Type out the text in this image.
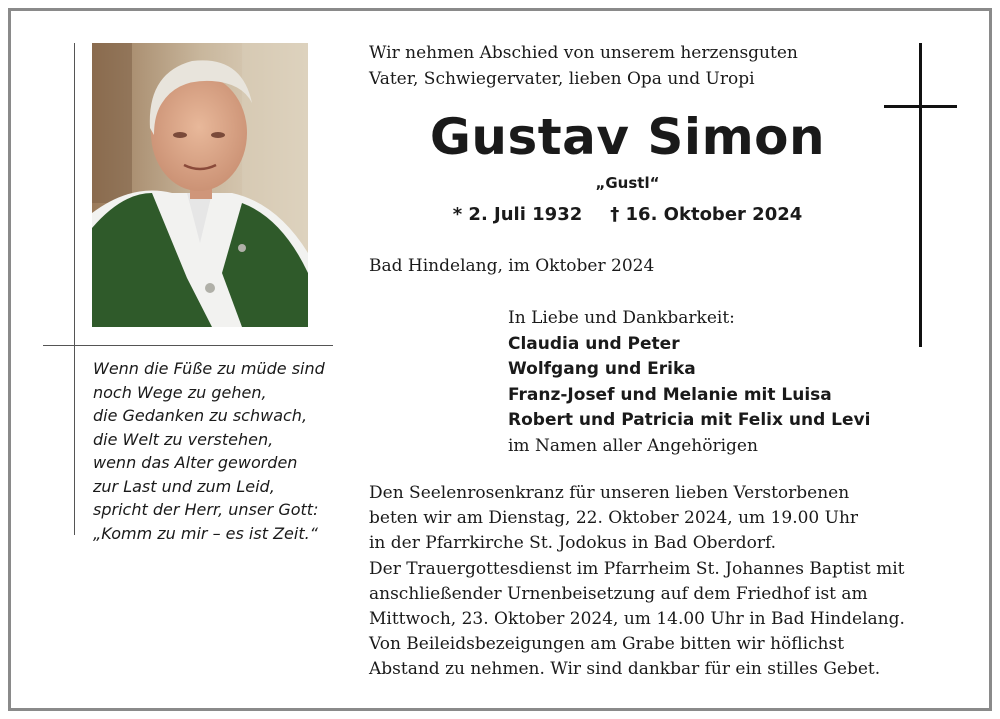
Wenn die Füße zu müde sind
noch Wege zu gehen,
die Gedanken zu schwach,
die Welt zu verstehen,
wenn das Alter geworden
zur Last und zum Leid,
spricht der Herr, unser Gott:
„Komm zu mir – es ist Zeit.“
Wir nehmen Abschied von unserem herzensguten
Vater, Schwiegervater, lieben Opa und Uropi
Gustav Simon
„Gustl“
* 2. Juli 1932 † 16. Oktober 2024
Bad Hindelang, im Oktober 2024
In Liebe und Dankbarkeit:
Claudia und Peter
Wolfgang und Erika
Franz-Josef und Melanie mit Luisa
Robert und Patricia mit Felix und Levi
im Namen aller Angehörigen
Den Seelenrosenkranz für unseren lieben Verstorbenen
beten wir am Dienstag, 22. Oktober 2024, um 19.00 Uhr
in der Pfarrkirche St. Jodokus in Bad Oberdorf.
Der Trauergottesdienst im Pfarrheim St. Johannes Baptist mit
anschließender Urnenbeisetzung auf dem Friedhof ist am
Mittwoch, 23. Oktober 2024, um 14.00 Uhr in Bad Hindelang.
Von Beileidsbezeigungen am Grabe bitten wir höflichst
Abstand zu nehmen. Wir sind dankbar für ein stilles Gebet.
